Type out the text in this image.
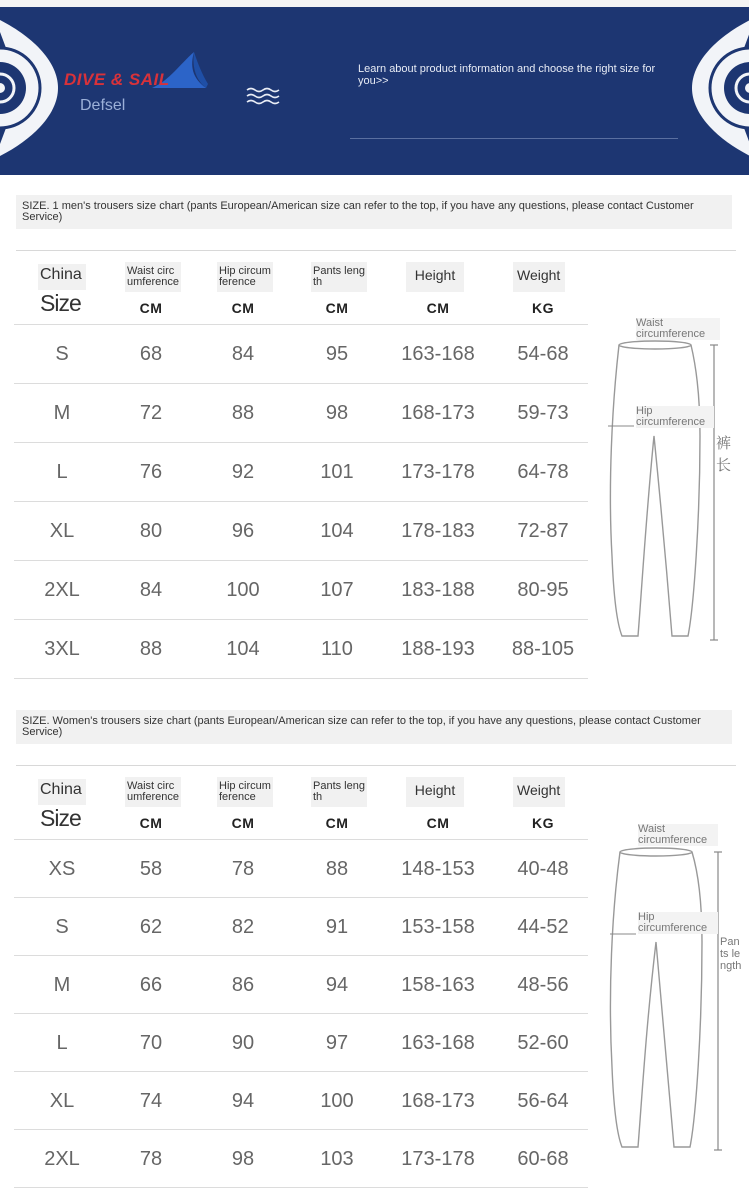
DIVE & SAIL
Defsel
Learn about product information and choose the right size for you>>
SIZE. 1 men's trousers size chart (pants European/American size can refer to the top, if you have any questions, please contact Customer Service)
China
Size
Waist circumference
CM
Hip circumference
CM
Pants length
CM
Height
CM
Weight
KG
S	68	84	95	163-168	54-68
M	72	88	98	168-173	59-73
L	76	92	101	173-178	64-78
XL	80	96	104	178-183	72-87
2XL	84	100	107	183-188	80-95
3XL	88	104	110	188-193	88-105
Waist circumference
Hip circumference
裤长
SIZE. Women's trousers size chart (pants European/American size can refer to the top, if you have any questions, please contact Customer Service)
China
Size
Waist circumference
CM
Hip circumference
CM
Pants length
CM
Height
CM
Weight
KG
XS	58	78	88	148-153	40-48
S	62	82	91	153-158	44-52
M	66	86	94	158-163	48-56
L	70	90	97	163-168	52-60
XL	74	94	100	168-173	56-64
2XL	78	98	103	173-178	60-68
Waist circumference
Hip circumference
Pants length
